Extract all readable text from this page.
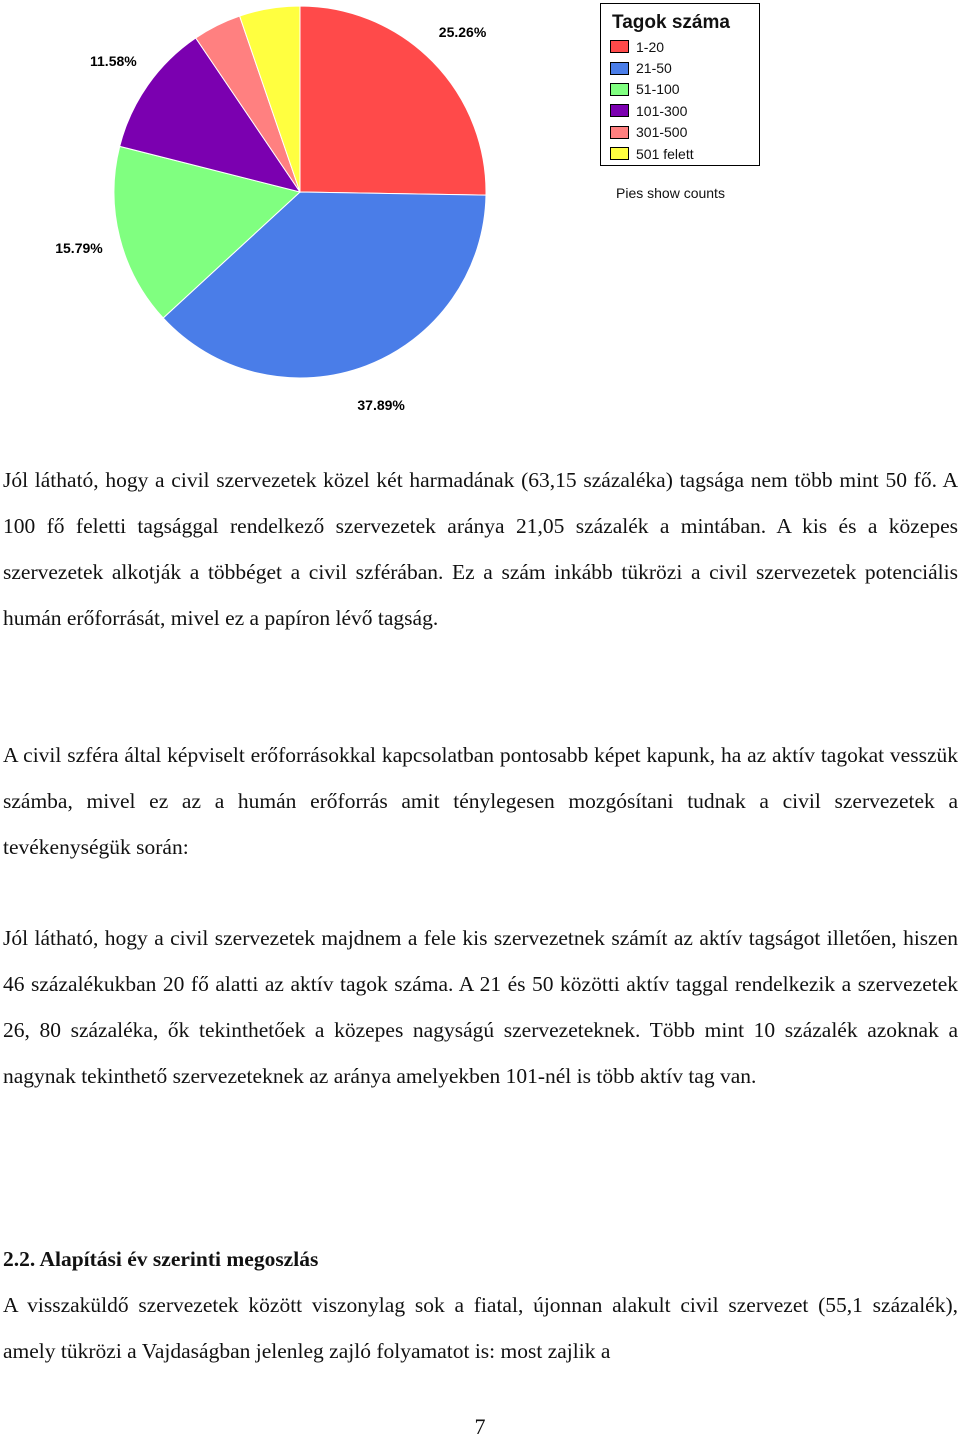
25.26%
37.89%
15.79%
11.58%
Tagok száma
1-20
21-50
51-100
101-300
301-500
501 felett
Pies show counts

Jól látható, hogy a civil szervezetek közel két harmadának (63,15 százaléka) tagsága nem több mint 50 fő. A 100 fő feletti tagsággal rendelkező szervezetek aránya 21,05 százalék a mintában. A kis és a közepes szervezetek alkotják a többéget a civil szférában. Ez a szám inkább tükrözi a civil szervezetek potenciális humán erőforrását, mivel ez a papíron lévő tagság.

A civil szféra által képviselt erőforrásokkal kapcsolatban pontosabb képet kapunk, ha az aktív tagokat vesszük számba, mivel ez az a humán erőforrás amit ténylegesen mozgósítani tudnak a civil szervezetek a tevékenységük során:

Jól látható, hogy a civil szervezetek majdnem a fele kis szervezetnek számít az aktív tagságot illetően, hiszen 46 százalékukban 20 fő alatti az aktív tagok száma. A 21 és 50 közötti aktív taggal rendelkezik a szervezetek 26, 80 százaléka, ők tekinthetőek a közepes nagyságú szervezeteknek. Több mint 10 százalék azoknak a nagynak tekinthető szervezeteknek az aránya amelyekben 101-nél is több aktív tag van.

2.2. Alapítási év szerinti megoszlás

A visszaküldő szervezetek között viszonylag sok a fiatal, újonnan alakult civil szervezet (55,1 százalék), amely tükrözi a Vajdaságban jelenleg zajló folyamatot is: most zajlik a

7
